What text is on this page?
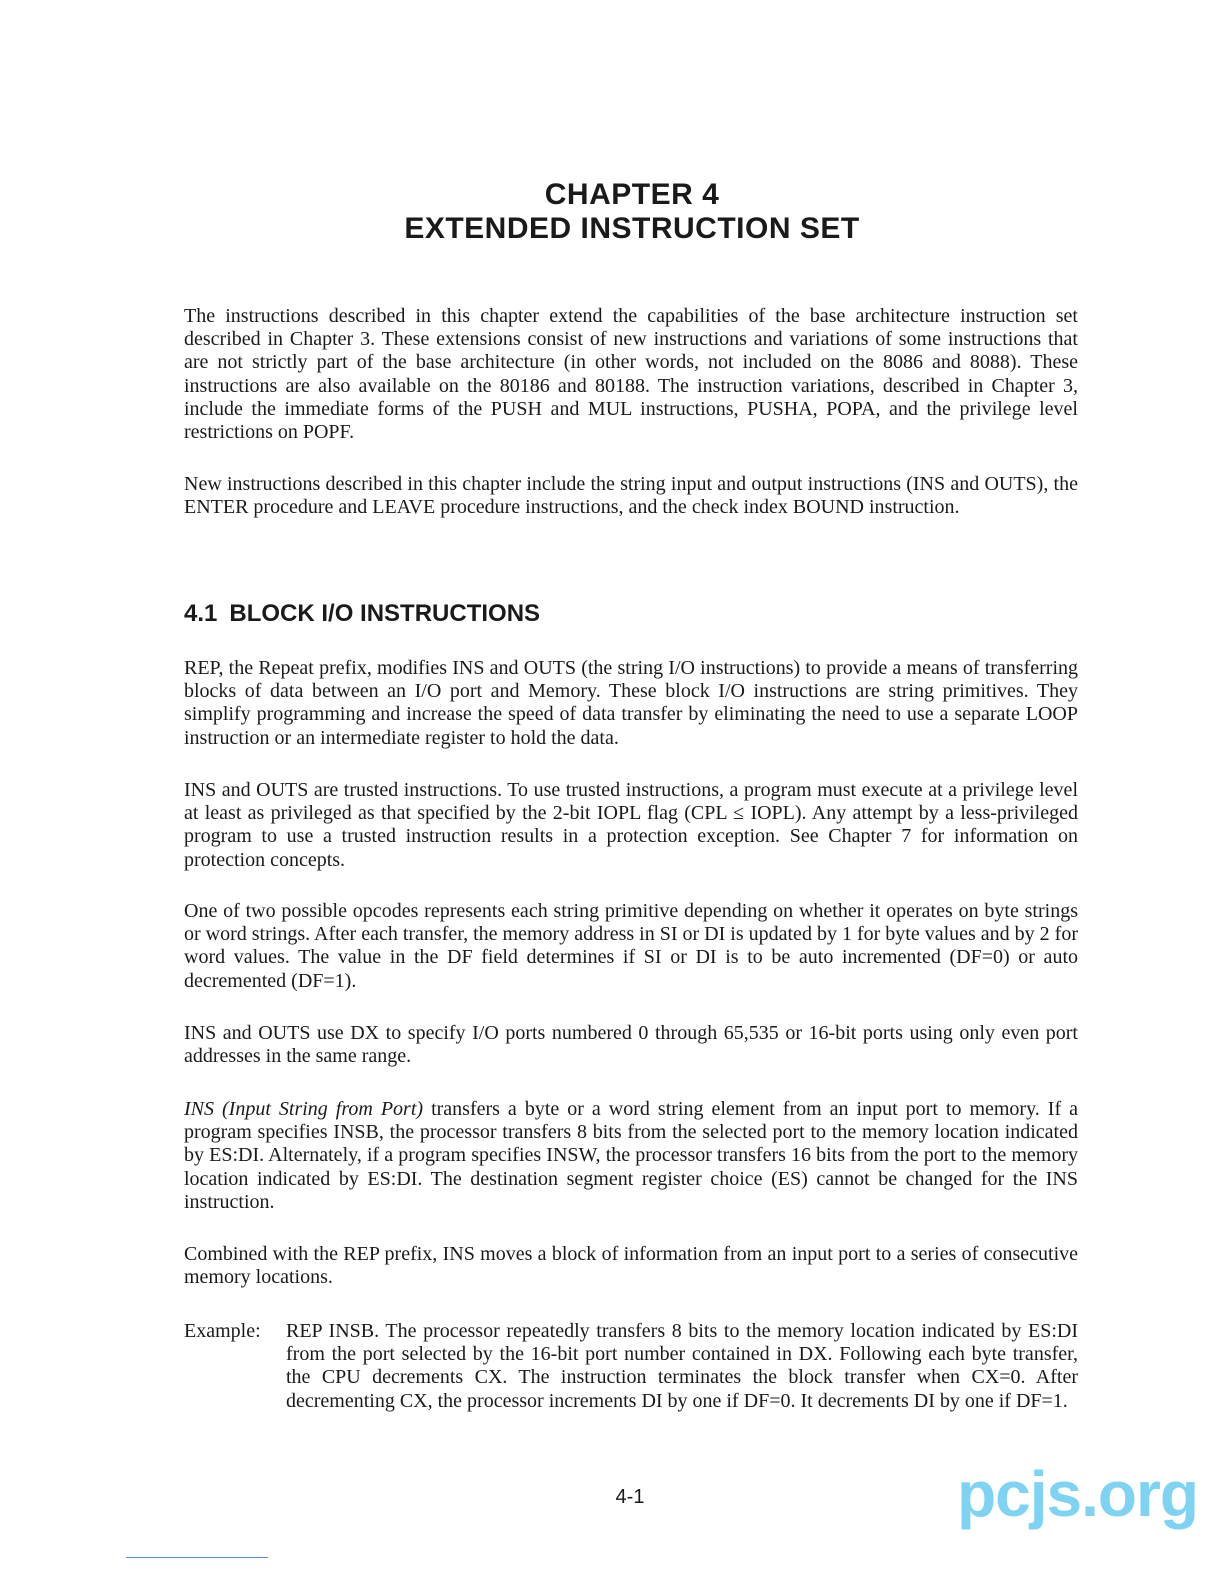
CHAPTER 4
EXTENDED INSTRUCTION SET

The instructions described in this chapter extend the capabilities of the base architecture instruction set described in Chapter 3. These extensions consist of new instructions and variations of some instructions that are not strictly part of the base architecture (in other words, not included on the 8086 and 8088). These instructions are also available on the 80186 and 80188. The instruction variations, described in Chapter 3, include the immediate forms of the PUSH and MUL instructions, PUSHA, POPA, and the privilege level restrictions on POPF.

New instructions described in this chapter include the string input and output instructions (INS and OUTS), the ENTER procedure and LEAVE procedure instructions, and the check index BOUND instruction.

4.1 BLOCK I/O INSTRUCTIONS

REP, the Repeat prefix, modifies INS and OUTS (the string I/O instructions) to provide a means of transferring blocks of data between an I/O port and Memory. These block I/O instructions are string primitives. They simplify programming and increase the speed of data transfer by eliminating the need to use a separate LOOP instruction or an intermediate register to hold the data.

INS and OUTS are trusted instructions. To use trusted instructions, a program must execute at a privilege level at least as privileged as that specified by the 2-bit IOPL flag (CPL ≤ IOPL). Any attempt by a less-privileged program to use a trusted instruction results in a protection exception. See Chapter 7 for information on protection concepts.

One of two possible opcodes represents each string primitive depending on whether it operates on byte strings or word strings. After each transfer, the memory address in SI or DI is updated by 1 for byte values and by 2 for word values. The value in the DF field determines if SI or DI is to be auto incremented (DF=0) or auto decremented (DF=1).

INS and OUTS use DX to specify I/O ports numbered 0 through 65,535 or 16-bit ports using only even port addresses in the same range.

INS (Input String from Port) transfers a byte or a word string element from an input port to memory. If a program specifies INSB, the processor transfers 8 bits from the selected port to the memory location indicated by ES:DI. Alternately, if a program specifies INSW, the processor transfers 16 bits from the port to the memory location indicated by ES:DI. The destination segment register choice (ES) cannot be changed for the INS instruction.

Combined with the REP prefix, INS moves a block of information from an input port to a series of consecutive memory locations.

Example: REP INSB. The processor repeatedly transfers 8 bits to the memory location indicated by ES:DI from the port selected by the 16-bit port number contained in DX. Following each byte transfer, the CPU decrements CX. The instruction terminates the block transfer when CX=0. After decrementing CX, the processor increments DI by one if DF=0. It decrements DI by one if DF=1.
4-1	pcjs.org
